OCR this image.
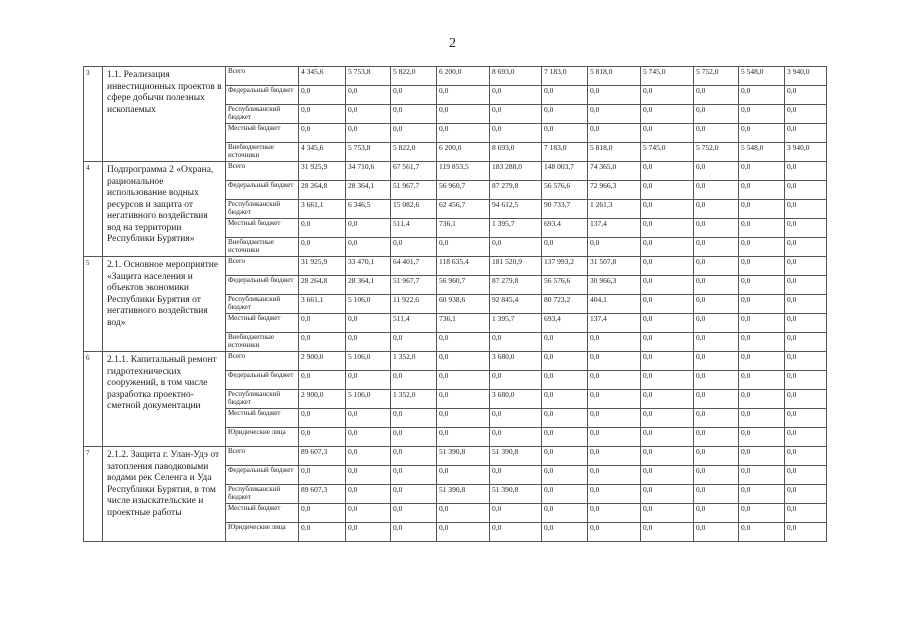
2
3	1.1. Реализация инвестиционных проектов в сфере добычи полезных ископаемых	Всего	4 345,6	5 753,8	5 822,0	6 200,0	8 693,0	7 183,0	5 818,0	5 745,0	5 752,0	5 548,0	3 940,0
		Федеральный бюджет	0,0	0,0	0,0	0,0	0,0	0,0	0,0	0,0	0,0	0,0	0,0
		Республиканский бюджет	0,0	0,0	0,0	0,0	0,0	0,0	0,0	0,0	0,0	0,0	0,0
		Местный бюджет	0,0	0,0	0,0	0,0	0,0	0,0	0,0	0,0	0,0	0,0	0,0
		Внебюджетные источники	4 345,6	5 753,8	5 822,0	6 200,0	8 693,0	7 183,0	5 818,0	5 745,0	5 752,0	5 548,0	3 940,0
4	Подпрограмма 2 «Охрана, рациональное использование водных ресурсов и защита от негативного воздействия вод на территории Республики Бурятия»	Всего	31 925,9	34 710,6	67 561,7	119 853,5	183 288,0	148 003,7	74 365,0	0,0	0,0	0,0	0,0
		Федеральный бюджет	28 264,8	28 364,1	51 967,7	56 960,7	87 279,8	56 576,6	72 966,3	0,0	0,0	0,0	0,0
		Республиканский бюджет	3 661,1	6 346,5	15 082,6	62 456,7	94 612,5	90 733,7	1 261,3	0,0	0,0	0,0	0,0
		Местный бюджет	0,0	0,0	511,4	736,1	1 395,7	693,4	137,4	0,0	0,0	0,0	0,0
		Внебюджетные источники	0,0	0,0	0,0	0,0	0,0	0,0	0,0	0,0	0,0	0,0	0,0
5	2.1. Основное мероприятие «Защита населения и объектов экономики Республики Бурятия от негативного воздействия вод»	Всего	31 925,9	33 470,1	64 401,7	118 635,4	181 520,9	137 993,2	31 507,8	0,0	0,0	0,0	0,0
		Федеральный бюджет	28 264,8	28 364,1	51 967,7	56 960,7	87 279,8	56 576,6	30 966,3	0,0	0,0	0,0	0,0
		Республиканский бюджет	3 661,1	5 106,0	11 922,6	60 938,6	92 845,4	80 723,2	404,1	0,0	0,0	0,0	0,0
		Местный бюджет	0,0	0,0	511,4	736,1	1 395,7	693,4	137,4	0,0	0,0	0,0	0,0
		Внебюджетные источники	0,0	0,0	0,0	0,0	0,0	0,0	0,0	0,0	0,0	0,0	0,0
6	2.1.1. Капитальный ремонт гидротехнических сооружений, в том числе разработка проектно-сметной документации	Всего	2 900,0	5 106,0	1 352,0	0,0	3 680,0	0,0	0,0	0,0	0,0	0,0	0,0
		Федеральный бюджет	0,0	0,0	0,0	0,0	0,0	0,0	0,0	0,0	0,0	0,0	0,0
		Республиканский бюджет	2 900,0	5 106,0	1 352,0	0,0	3 680,0	0,0	0,0	0,0	0,0	0,0	0,0
		Местный бюджет	0,0	0,0	0,0	0,0	0,0	0,0	0,0	0,0	0,0	0,0	0,0
		Юридические лица	0,0	0,0	0,0	0,0	0,0	0,0	0,0	0,0	0,0	0,0	0,0
7	2.1.2. Защита г. Улан-Удэ от затопления паводковыми водами рек Селенга и Уда Республики Бурятия, в том числе изыскательские и проектные работы	Всего	89 607,3	0,0	0,0	51 390,8	51 390,8	0,0	0,0	0,0	0,0	0,0	0,0
		Федеральный бюджет	0,0	0,0	0,0	0,0	0,0	0,0	0,0	0,0	0,0	0,0	0,0
		Республиканский бюджет	89 607,3	0,0	0,0	51 390,8	51 390,8	0,0	0,0	0,0	0,0	0,0	0,0
		Местный бюджет	0,0	0,0	0,0	0,0	0,0	0,0	0,0	0,0	0,0	0,0	0,0
		Юридические лица	0,0	0,0	0,0	0,0	0,0	0,0	0,0	0,0	0,0	0,0	0,0
